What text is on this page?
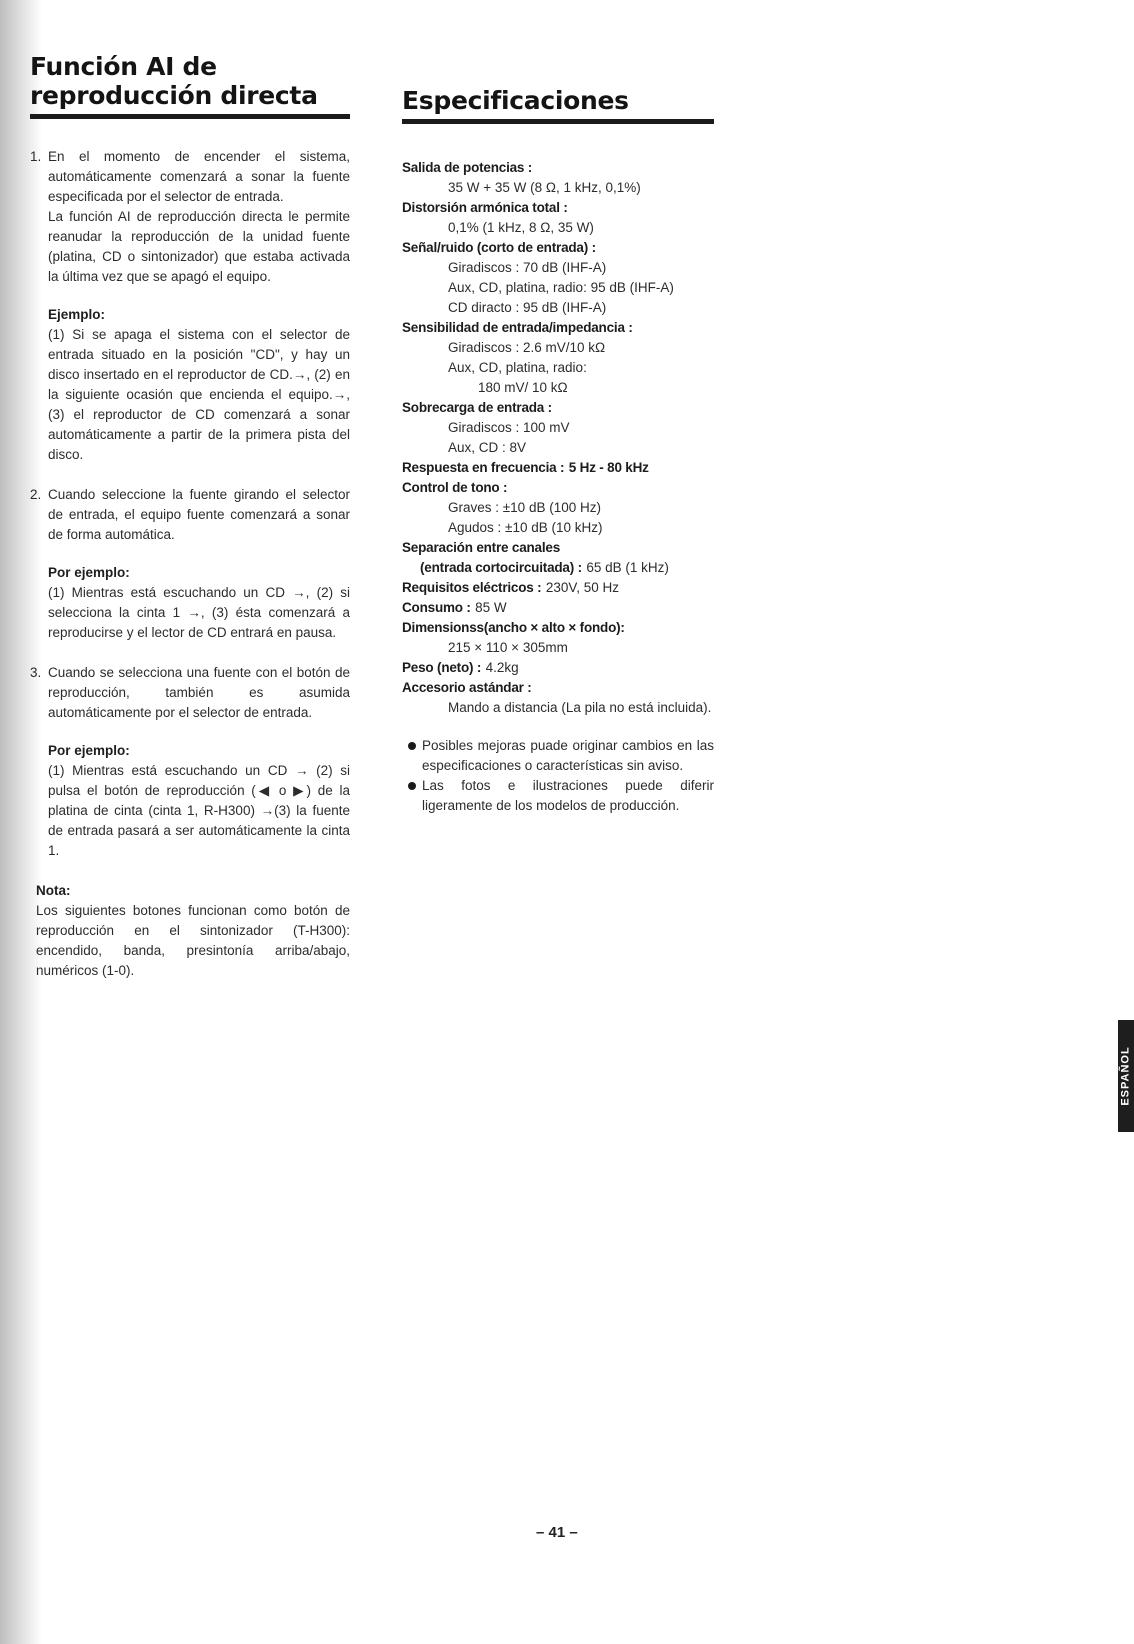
Función AI de
reproducción directa
1. En el momento de encender el sistema, automáticamente comenzará a sonar la fuente especificada por el selector de entrada.

La función AI de reproducción directa le permite reanudar la reproducción de la unidad fuente (platina, CD o sintonizador) que estaba activada la última vez que se apagó el equipo.

Ejemplo:

(1) Si se apaga el sistema con el selector de entrada situado en la posición "CD", y hay un disco insertado en el reproductor de CD.→, (2) en la siguiente ocasión que encienda el equipo.→, (3) el reproductor de CD comenzará a sonar automáticamente a partir de la primera pista del disco.

2. Cuando seleccione la fuente girando el selector de entrada, el equipo fuente comenzará a sonar de forma automática.

Por ejemplo:

(1) Mientras está escuchando un CD →, (2) si selecciona la cinta 1 →, (3) ésta comenzará a reproducirse y el lector de CD entrará en pausa.

3. Cuando se selecciona una fuente con el botón de reproducción, también es asumida automáticamente por el selector de entrada.

Por ejemplo:

(1) Mientras está escuchando un CD → (2) si pulsa el botón de reproducción (◀ o ▶) de la platina de cinta (cinta 1, R-H300) →(3) la fuente de entrada pasará a ser automáticamente la cinta 1.

Nota:

Los siguientes botones funcionan como botón de reproducción en el sintonizador (T-H300): encendido, banda, presintonía arriba/abajo, numéricos (1-0).

Especificaciones
Salida de potencias :
35 W + 35 W (8 Ω, 1 kHz, 0,1%)
Distorsión armónica total :
0,1% (1 kHz, 8 Ω, 35 W)
Señal/ruido (corto de entrada) :
Giradiscos : 70 dB (IHF-A)
Aux, CD, platina, radio: 95 dB (IHF-A)
CD diracto : 95 dB (IHF-A)
Sensibilidad de entrada/impedancia :
Giradiscos : 2.6 mV/10 kΩ
Aux, CD, platina, radio:
180 mV/ 10 kΩ
Sobrecarga de entrada :
Giradiscos : 100 mV
Aux, CD : 8V
Respuesta en frecuencia : 5 Hz - 80 kHz
Control de tono :
Graves : ±10 dB (100 Hz)
Agudos : ±10 dB (10 kHz)
Separación entre canales
(entrada cortocircuitada) : 65 dB (1 kHz)
Requisitos eléctricos : 230V, 50 Hz
Consumo : 85 W
Dimensionss(ancho × alto × fondo):
215 × 110 × 305mm
Peso (neto) : 4.2kg
Accesorio astándar :
Mando a distancia (La pila no está incluida).
Posibles mejoras puade originar cambios en las especificaciones o características sin aviso.
Las fotos e ilustraciones puede diferir ligeramente de los modelos de producción.
– 41 –
ESPAÑOL
